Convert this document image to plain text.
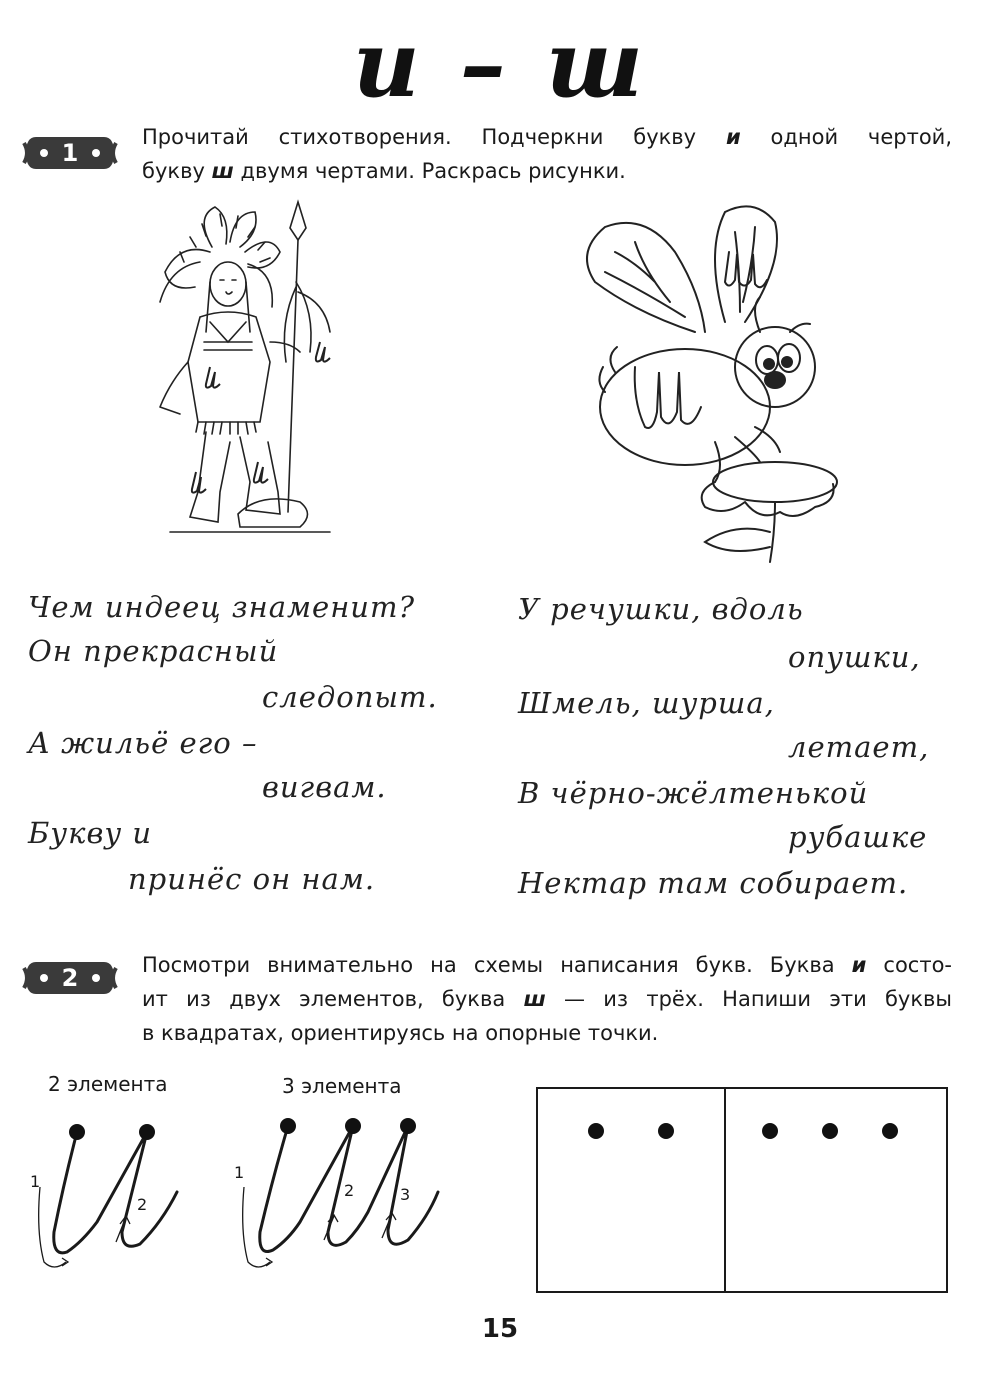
и – ш
1
Прочитай стихотворения. Подчеркни букву и одной чертой,
букву ш двумя чертами. Раскрась рисунки.
Чем индеец знаменит?
Он прекрасный
следопыт.
А жильё его –
вигвам.
Букву и
принёс он нам.
У речушки, вдоль
опушки,
Шмель, шурша,
летает,
В чёрно-жёлтенькой
рубашке
Нектар там собирает.
2	Посмотри внимательно на схемы написания букв. Буква и состо-
ит из двух элементов, буква ш — из трёх. Напиши эти буквы
в квадратах, ориентируясь на опорные точки.
2 элемента	3 элемента
1
2
1
2	3
15
